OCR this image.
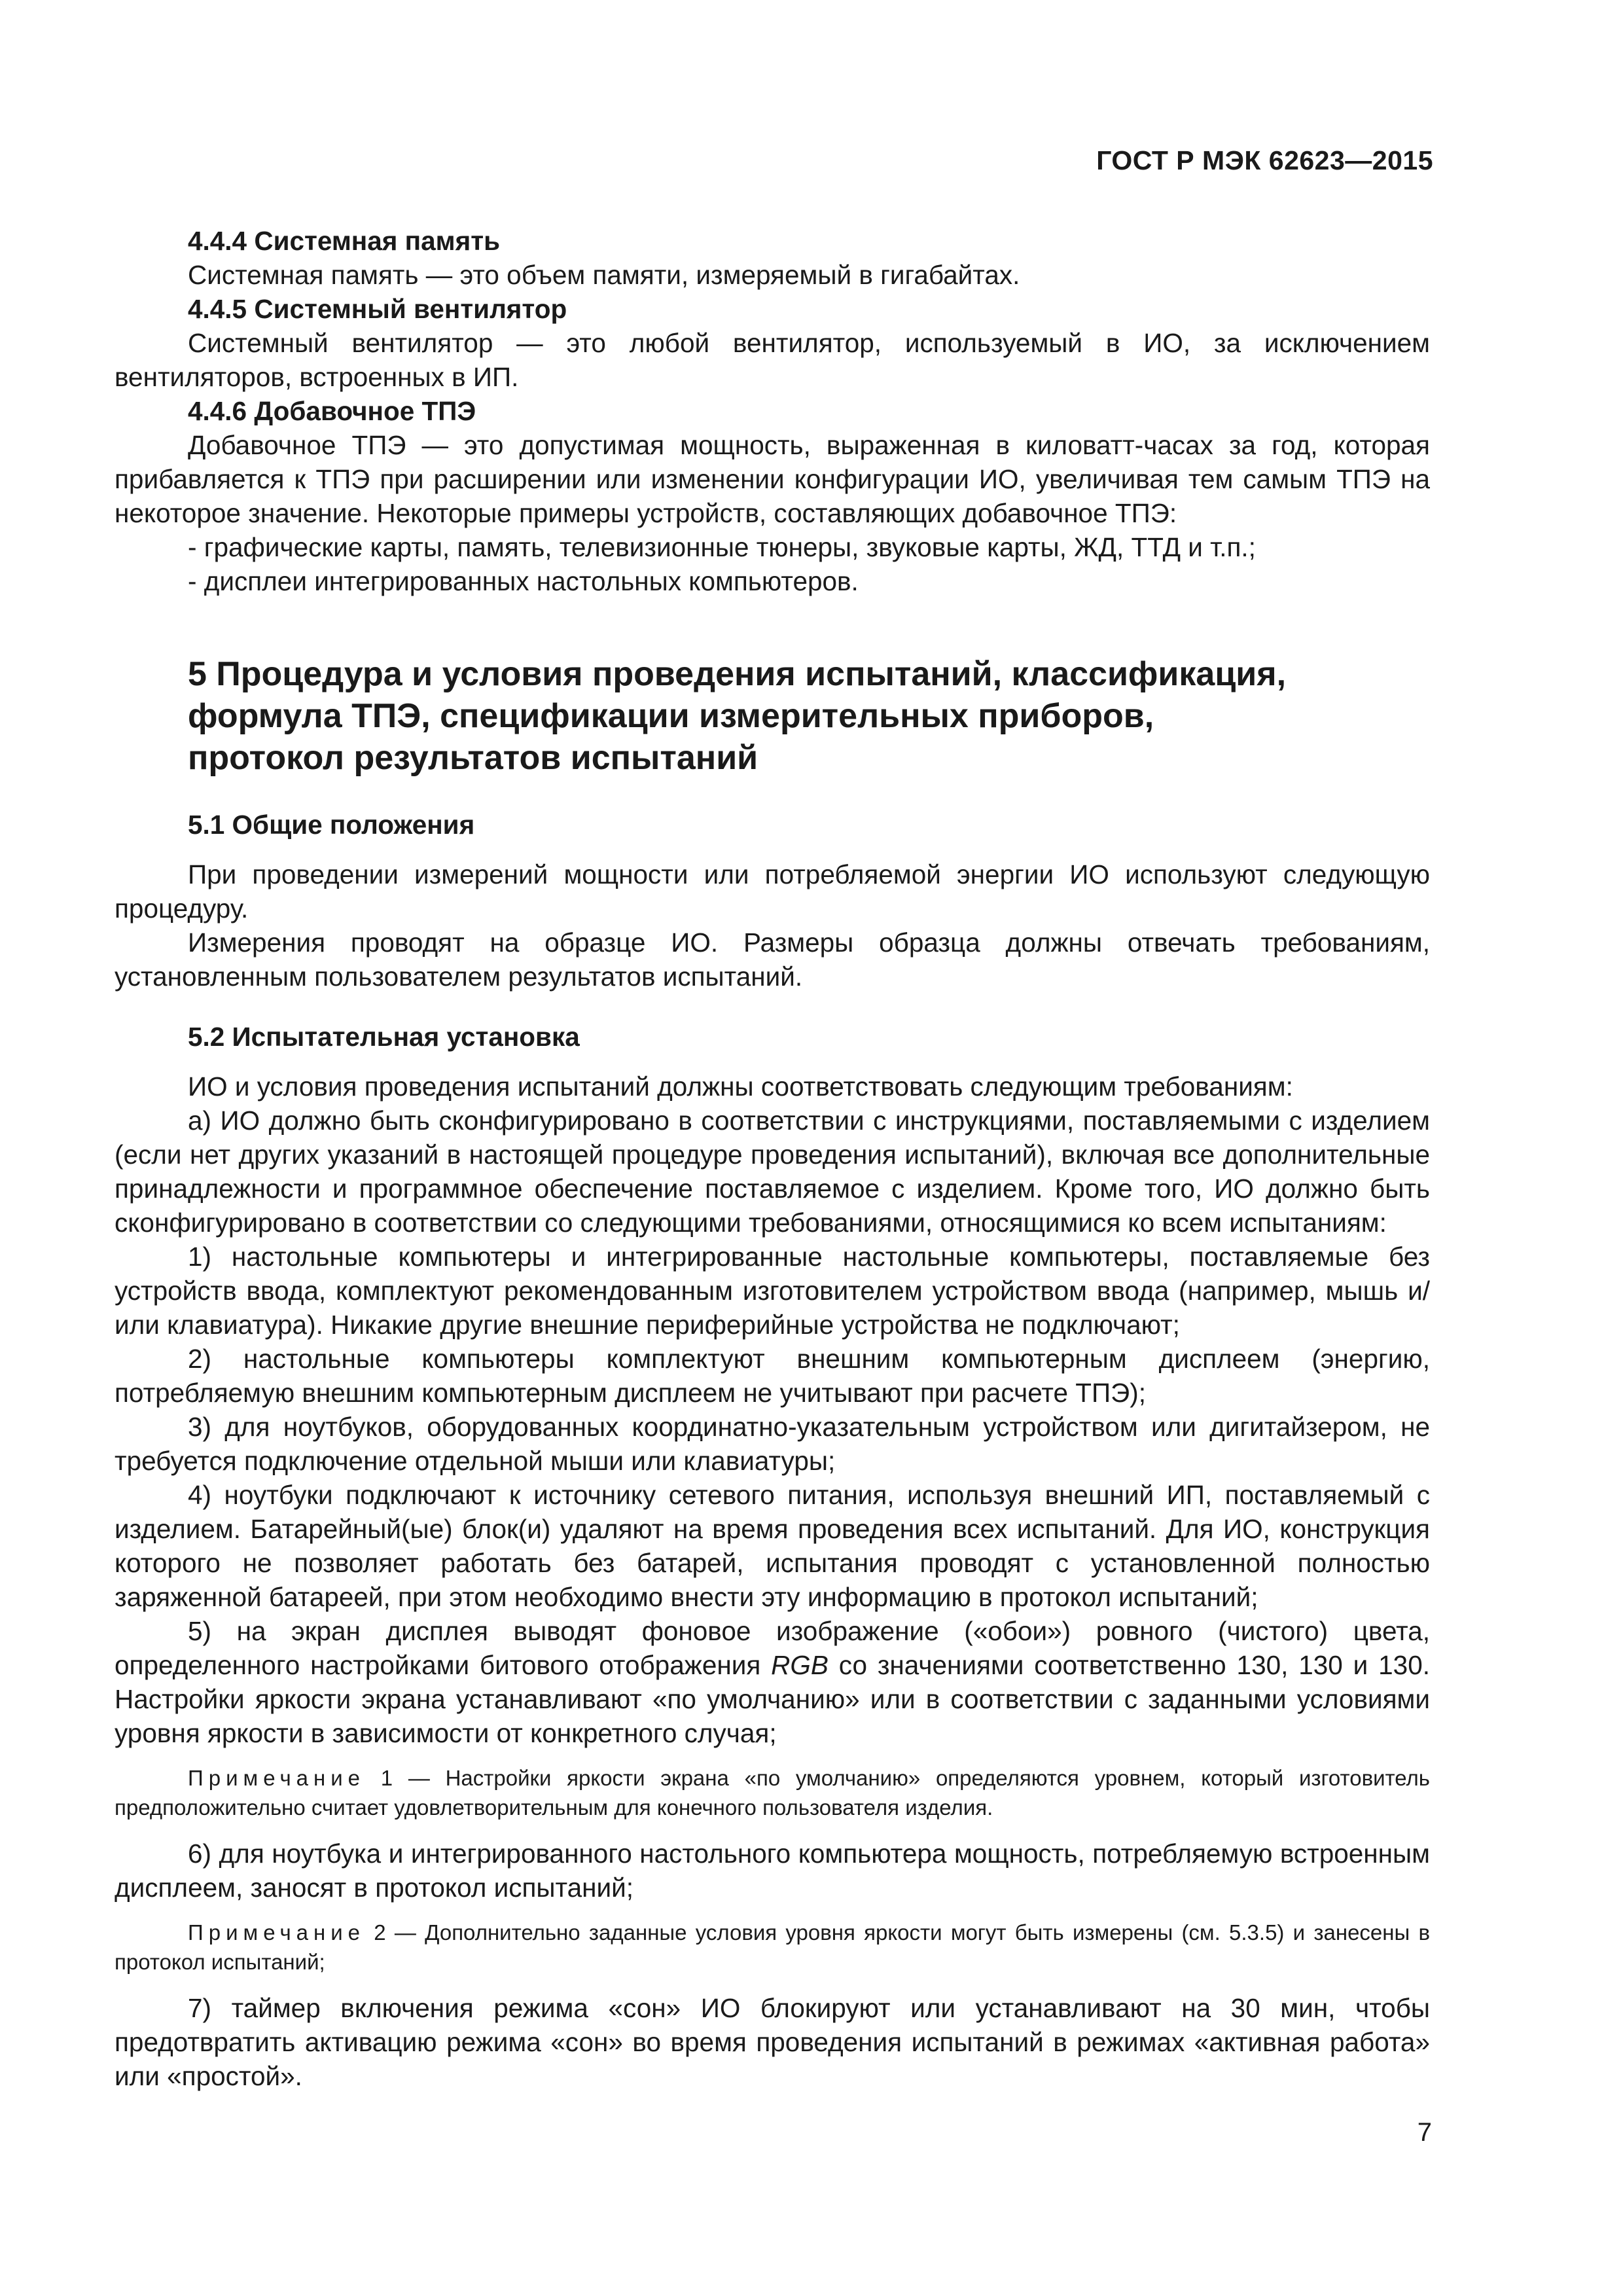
ГОСТ Р МЭК 62623—2015

4.4.4 Системная память

Системная память — это объем памяти, измеряемый в гигабайтах.

4.4.5 Системный вентилятор

Системный вентилятор — это любой вентилятор, используемый в ИО, за исключением вентиляторов, встроенных в ИП.

4.4.6 Добавочное ТПЭ

Добавочное ТПЭ — это допустимая мощность, выраженная в киловатт-часах за год, которая прибавляется к ТПЭ при расширении или изменении конфигурации ИО, увеличивая тем самым ТПЭ на некоторое значение. Некоторые примеры устройств, составляющих добавочное ТПЭ:

- графические карты, память, телевизионные тюнеры, звуковые карты, ЖД, ТТД и т.п.;

- дисплеи интегрированных настольных компьютеров.

5 Процедура и условия проведения испытаний, классификация,
формула ТПЭ, спецификации измерительных приборов,
протокол результатов испытаний

5.1 Общие положения

При проведении измерений мощности или потребляемой энергии ИО используют следующую процедуру.

Измерения проводят на образце ИО. Размеры образца должны отвечать требованиям, установленным пользователем результатов испытаний.

5.2 Испытательная установка

ИО и условия проведения испытаний должны соответствовать следующим требованиям:

а) ИО должно быть сконфигурировано в соответствии с инструкциями, поставляемыми с изделием (если нет других указаний в настоящей процедуре проведения испытаний), включая все дополнительные принадлежности и программное обеспечение поставляемое с изделием. Кроме того, ИО должно быть сконфигурировано в соответствии со следующими требованиями, относящимися ко всем испытаниям:

1) настольные компьютеры и интегрированные настольные компьютеры, поставляемые без устройств ввода, комплектуют рекомендованным изготовителем устройством ввода (например, мышь и/или клавиатура). Никакие другие внешние периферийные устройства не подключают;

2) настольные компьютеры комплектуют внешним компьютерным дисплеем (энергию, потребляемую внешним компьютерным дисплеем не учитывают при расчете ТПЭ);

3) для ноутбуков, оборудованных координатно-указательным устройством или дигитайзером, не требуется подключение отдельной мыши или клавиатуры;

4) ноутбуки подключают к источнику сетевого питания, используя внешний ИП, поставляемый с изделием. Батарейный(ые) блок(и) удаляют на время проведения всех испытаний. Для ИО, конструкция которого не позволяет работать без батарей, испытания проводят с установленной полностью заряженной батареей, при этом необходимо внести эту информацию в протокол испытаний;

5) на экран дисплея выводят фоновое изображение («обои») ровного (чистого) цвета, определенного настройками битового отображения RGB со значениями соответственно 130, 130 и 130. Настройки яркости экрана устанавливают «по умолчанию» или в соответствии с заданными условиями уровня яркости в зависимости от конкретного случая;

Примечание 1 — Настройки яркости экрана «по умолчанию» определяются уровнем, который изготовитель предположительно считает удовлетворительным для конечного пользователя изделия.

6) для ноутбука и интегрированного настольного компьютера мощность, потребляемую встроенным дисплеем, заносят в протокол испытаний;

Примечание 2 — Дополнительно заданные условия уровня яркости могут быть измерены (см. 5.3.5) и занесены в протокол испытаний;

7) таймер включения режима «сон» ИО блокируют или устанавливают на 30 мин, чтобы предотвратить активацию режима «сон» во время проведения испытаний в режимах «активная работа» или «простой».

7
